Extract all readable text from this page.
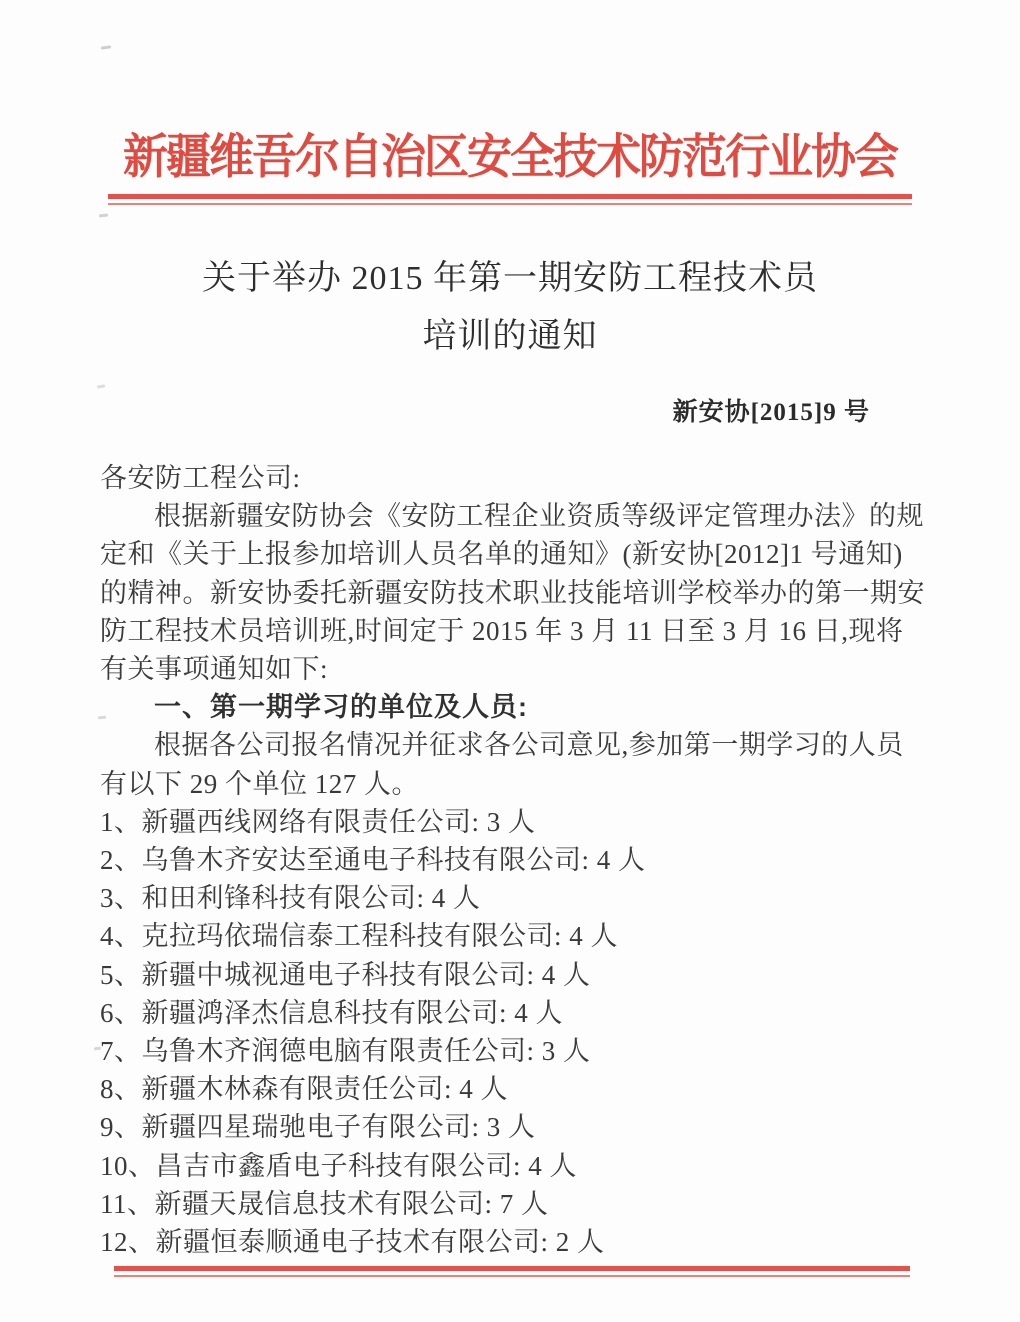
新疆维吾尔自治区安全技术防范行业协会
关于举办 2015 年第一期安防工程技术员
培训的通知
新安协[2015]9 号
各安防工程公司:
根据新疆安防协会《安防工程企业资质等级评定管理办法》的规
定和《关于上报参加培训人员名单的通知》(新安协[2012]1 号通知)
的精神。新安协委托新疆安防技术职业技能培训学校举办的第一期安
防工程技术员培训班,时间定于 2015 年 3 月 11 日至 3 月 16 日,现将
有关事项通知如下:
一、第一期学习的单位及人员:
根据各公司报名情况并征求各公司意见,参加第一期学习的人员
有以下 29 个单位 127 人。
1、新疆西线网络有限责任公司: 3 人
2、乌鲁木齐安达至通电子科技有限公司: 4 人
3、和田利锋科技有限公司: 4 人
4、克拉玛依瑞信泰工程科技有限公司: 4 人
5、新疆中城视通电子科技有限公司: 4 人
6、新疆鸿泽杰信息科技有限公司: 4 人
7、乌鲁木齐润德电脑有限责任公司: 3 人
8、新疆木林森有限责任公司: 4 人
9、新疆四星瑞驰电子有限公司: 3 人
10、昌吉市鑫盾电子科技有限公司: 4 人
11、新疆天晟信息技术有限公司: 7 人
12、新疆恒泰顺通电子技术有限公司: 2 人
